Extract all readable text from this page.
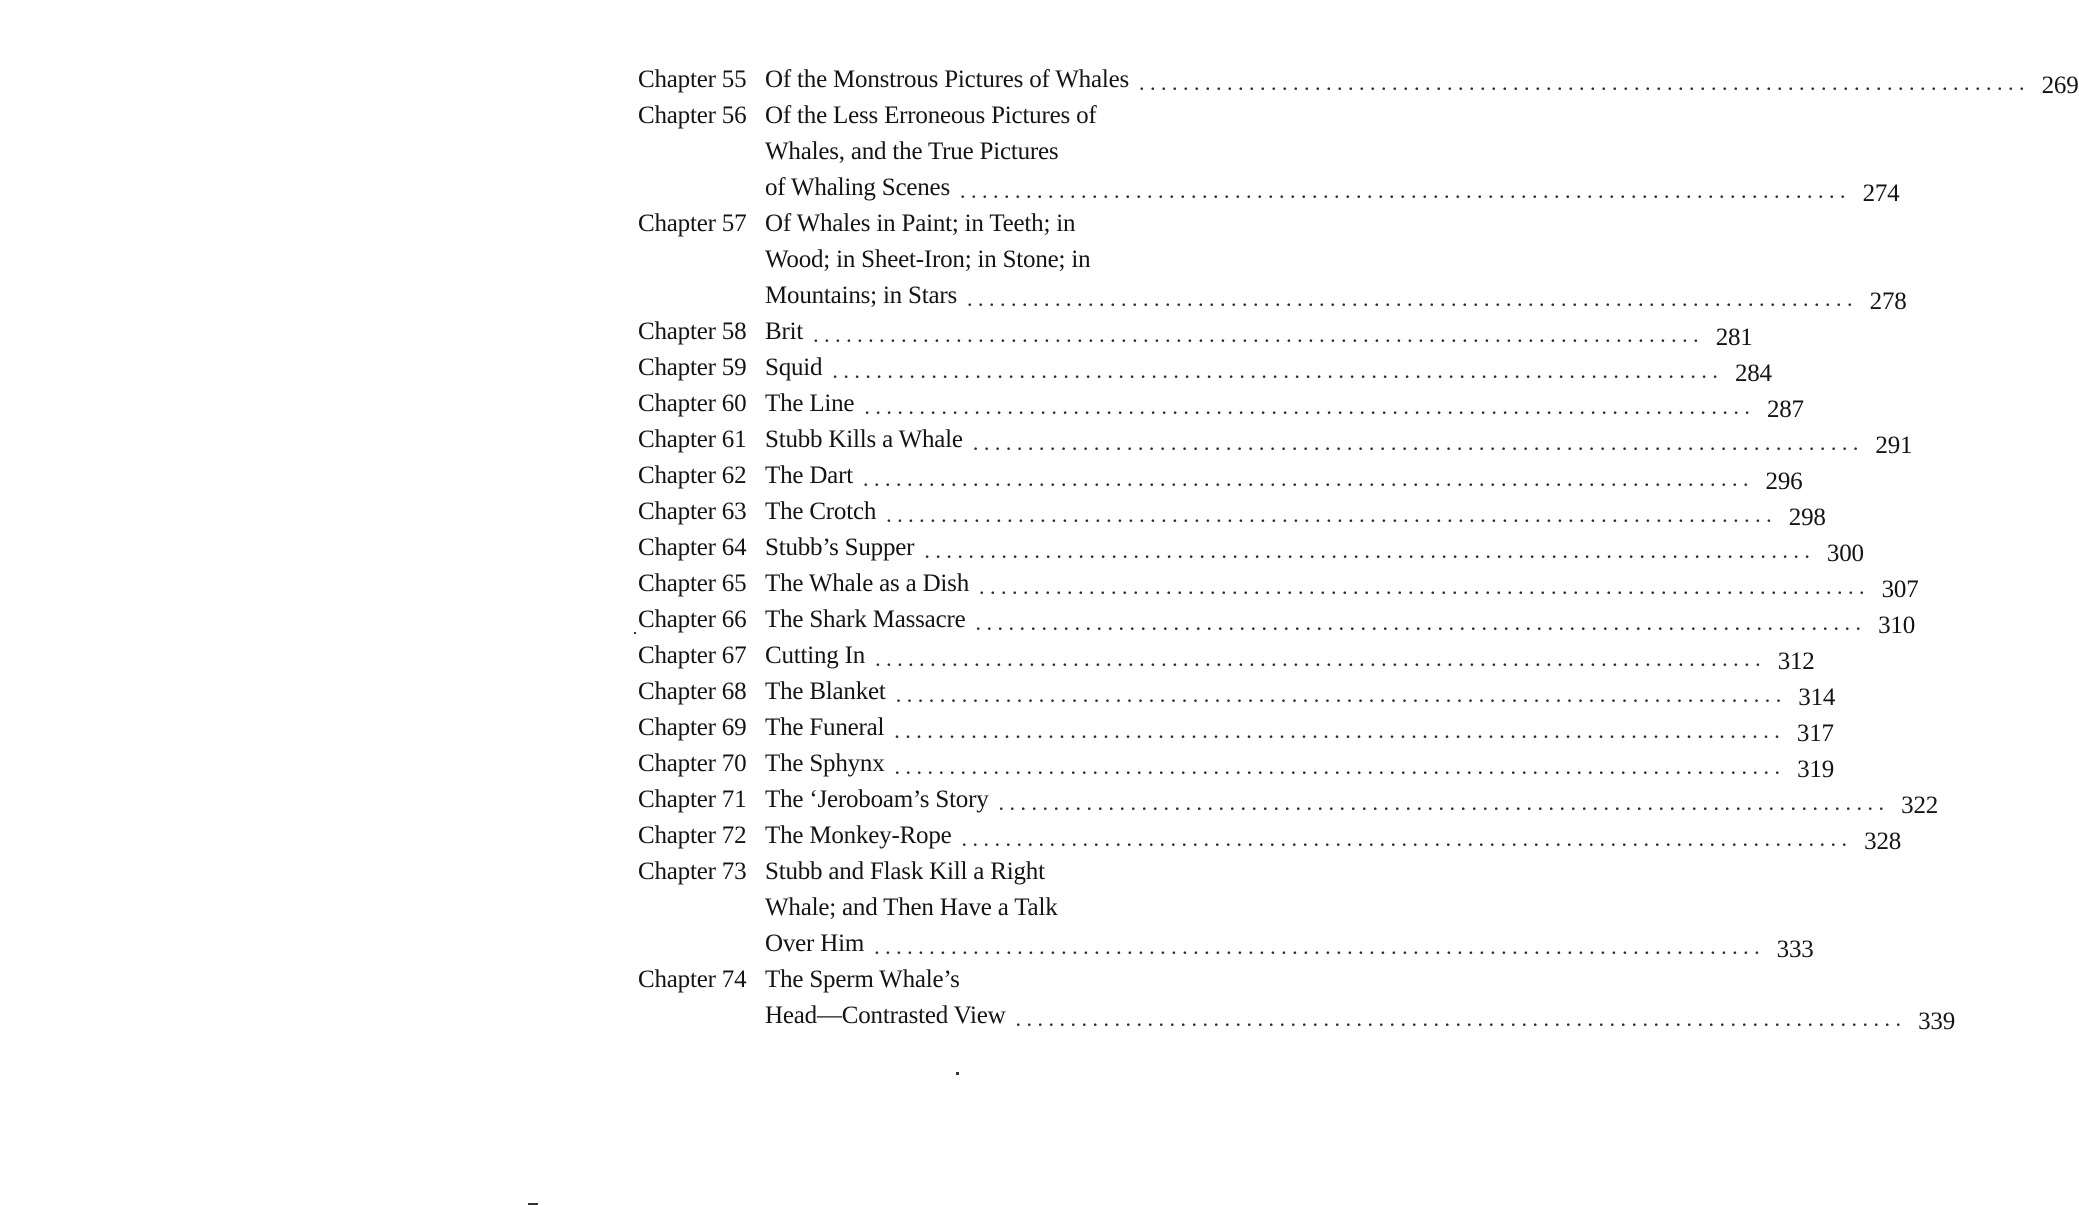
Chapter 55 Of the Monstrous Pictures of Whales . . .	269
Chapter 56 Of the Less Erroneous Pictures of
Whales, and the True Pictures
of Whaling Scenes . . .	274
Chapter 57 Of Whales in Paint; in Teeth; in
Wood; in Sheet-Iron; in Stone; in
Mountains; in Stars . . .	278
Chapter 58 Brit . . .	281
Chapter 59 Squid . . .	284
Chapter 60 The Line . . .	287
Chapter 61 Stubb Kills a Whale . . .	291
Chapter 62 The Dart . . .	296
Chapter 63 The Crotch . . .	298
Chapter 64 Stubb’s Supper . . .	300
Chapter 65 The Whale as a Dish . . .	307
Chapter 66 The Shark Massacre . . .	310
Chapter 67 Cutting In . . .	312
Chapter 68 The Blanket . . .	314
Chapter 69 The Funeral . . .	317
Chapter 70 The Sphynx . . .	319
Chapter 71 The ‘Jeroboam’s Story . . .	322
Chapter 72 The Monkey-Rope . . .	328
Chapter 73 Stubb and Flask Kill a Right
Whale; and Then Have a Talk
Over Him . . .	333
Chapter 74 The Sperm Whale’s
Head—Contrasted View . . .	339
